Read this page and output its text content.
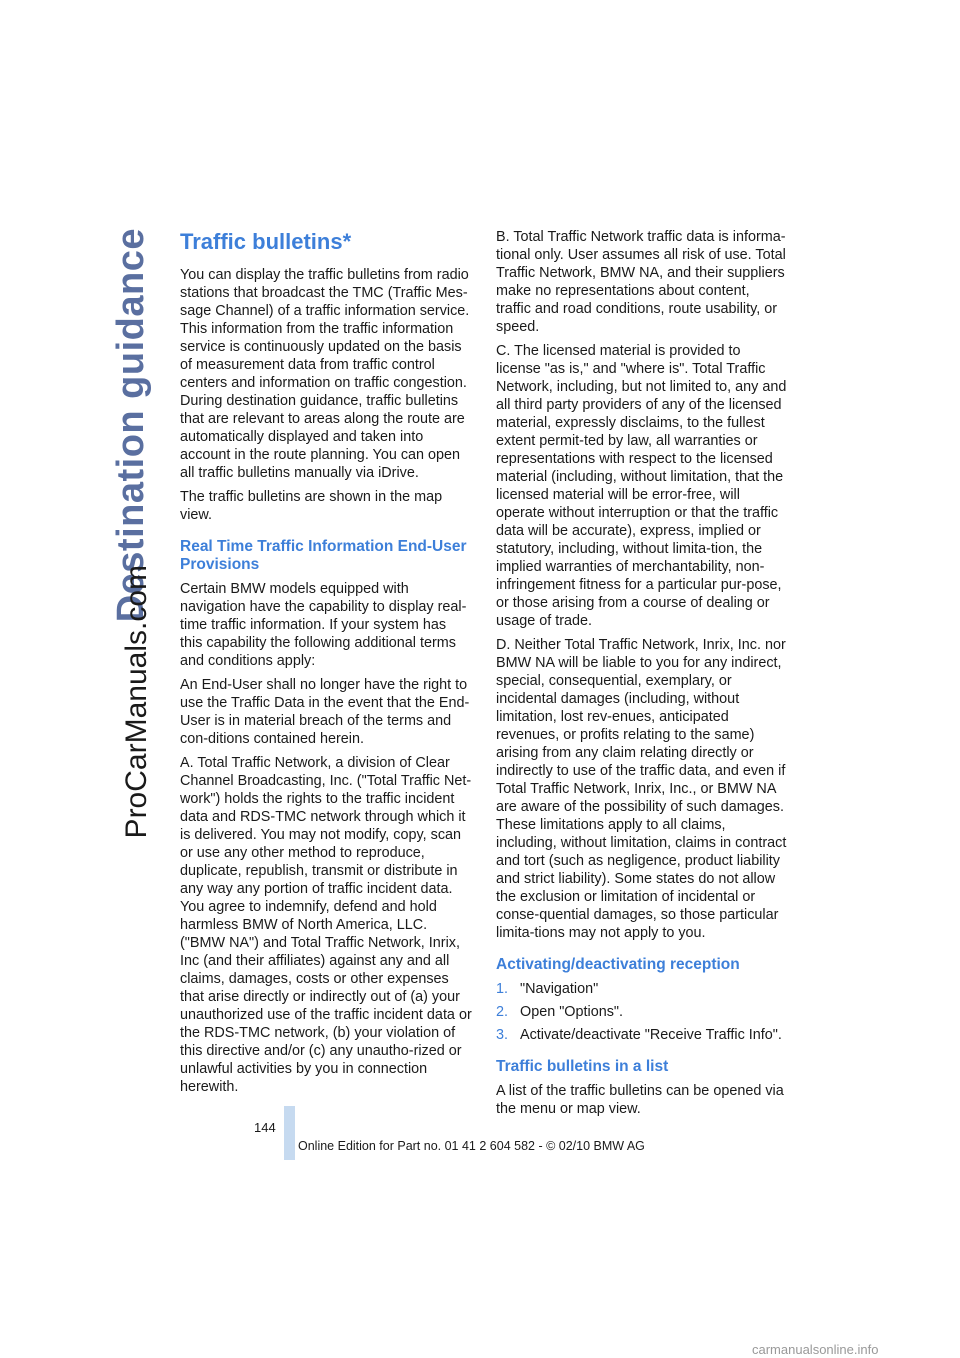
Destination guidance
ProCarManuals.com
Traffic bulletins*

You can display the traffic bulletins from radio stations that broadcast the TMC (Traffic Mes-sage Channel) of a traffic information service. This information from the traffic information service is continuously updated on the basis of measurement data from traffic control centers and information on traffic congestion.

During destination guidance, traffic bulletins that are relevant to areas along the route are automatically displayed and taken into account in the route planning. You can open all traffic bulletins manually via iDrive.

The traffic bulletins are shown in the map view.

Real Time Traffic Information End-User Provisions

Certain BMW models equipped with navigation have the capability to display real-time traffic information. If your system has this capability the following additional terms and conditions apply:

An End-User shall no longer have the right to use the Traffic Data in the event that the End-User is in material breach of the terms and con-ditions contained herein.

A. Total Traffic Network, a division of Clear Channel Broadcasting, Inc. ("Total Traffic Net-work") holds the rights to the traffic incident data and RDS-TMC network through which it is delivered. You may not modify, copy, scan or use any other method to reproduce, duplicate, republish, transmit or distribute in any way any portion of traffic incident data. You agree to indemnify, defend and hold harmless BMW of North America, LLC. ("BMW NA") and Total Traffic Network, Inrix, Inc (and their affiliates) against any and all claims, damages, costs or other expenses that arise directly or indirectly out of (a) your unauthorized use of the traffic incident data or the RDS-TMC network, (b) your violation of this directive and/or (c) any unautho-rized or unlawful activities by you in connection herewith.

B. Total Traffic Network traffic data is informa-tional only. User assumes all risk of use. Total Traffic Network, BMW NA, and their suppliers make no representations about content, traffic and road conditions, route usability, or speed.

C. The licensed material is provided to license "as is," and "where is". Total Traffic Network, including, but not limited to, any and all third party providers of any of the licensed material, expressly disclaims, to the fullest extent permit-ted by law, all warranties or representations with respect to the licensed material (including, without limitation, that the licensed material will be error-free, will operate without interruption or that the traffic data will be accurate), express, implied or statutory, including, without limita-tion, the implied warranties of merchantability, non-infringement fitness for a particular pur-pose, or those arising from a course of dealing or usage of trade.

D. Neither Total Traffic Network, Inrix, Inc. nor BMW NA will be liable to you for any indirect, special, consequential, exemplary, or incidental damages (including, without limitation, lost rev-enues, anticipated revenues, or profits relating to the same) arising from any claim relating directly or indirectly to use of the traffic data, and even if Total Traffic Network, Inrix, Inc., or BMW NA are aware of the possibility of such damages. These limitations apply to all claims, including, without limitation, claims in contract and tort (such as negligence, product liability and strict liability). Some states do not allow the exclusion or limitation of incidental or conse-quential damages, so those particular limita-tions may not apply to you.

Activating/deactivating reception
1. "Navigation"
2. Open "Options".
3. Activate/deactivate "Receive Traffic Info".
Traffic bulletins in a list

A list of the traffic bulletins can be opened via the menu or map view.

144
Online Edition for Part no. 01 41 2 604 582 - © 02/10 BMW AG
carmanualsonline.info
